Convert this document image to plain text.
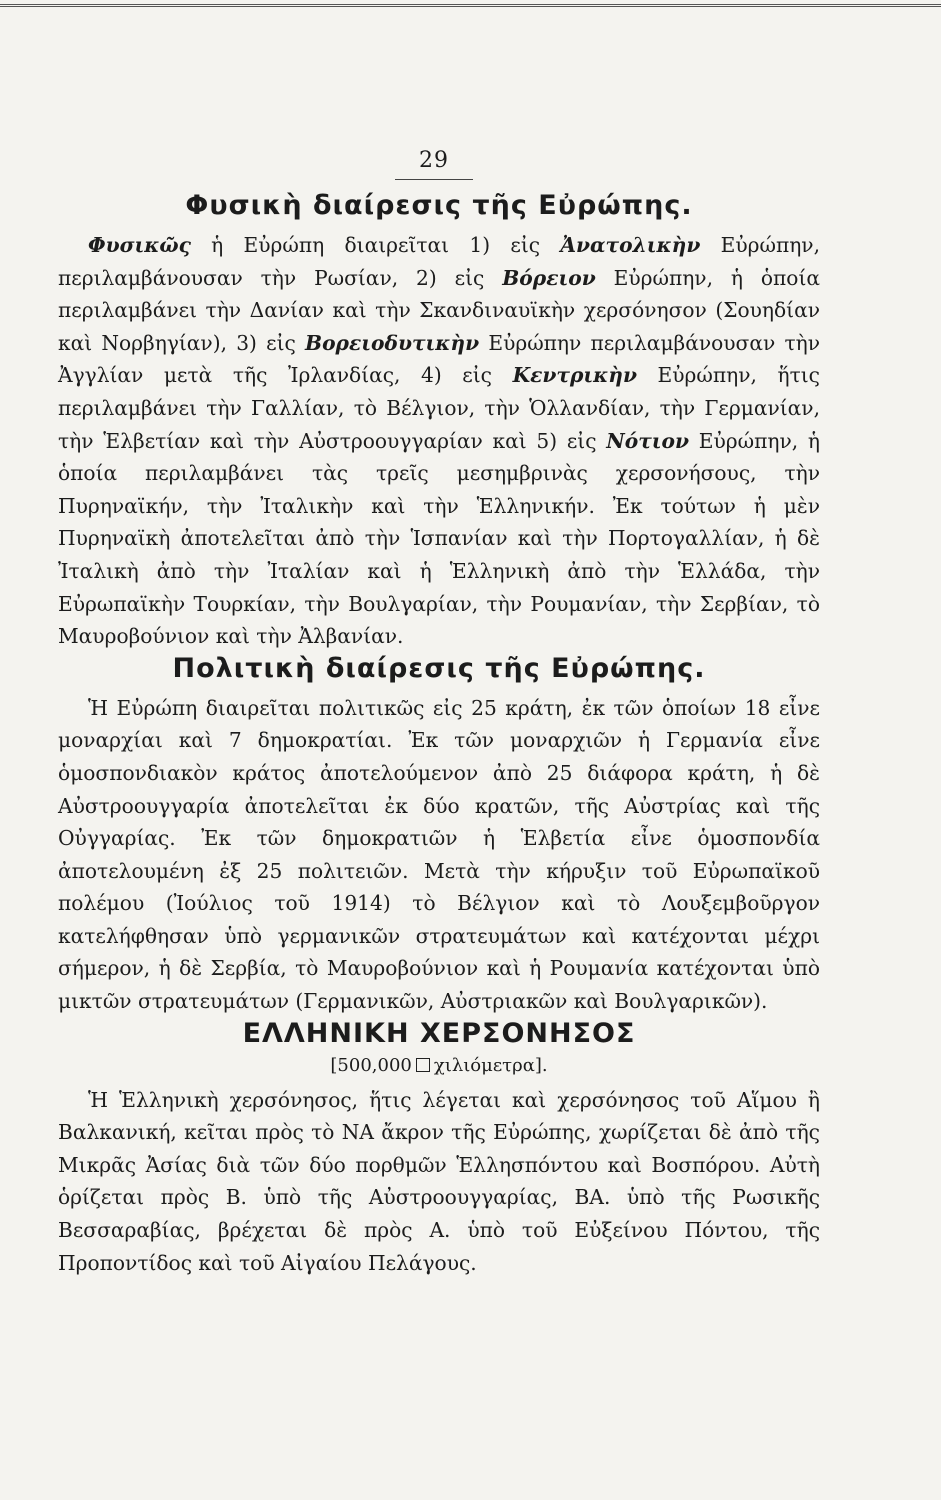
29
Φυσικὴ διαίρεσις τῆς Εὐρώπης.

Φυσικῶς ἡ Εὐρώπη διαιρεῖται 1) εἰς Ἀνατολικὴν Εὐρώπην, περιλαμβάνουσαν τὴν Ρωσίαν, 2) εἰς Βόρειον Εὐρώπην, ἡ ὁποία περιλαμβάνει τὴν Δανίαν καὶ τὴν Σκανδιναυϊκὴν χερσόνησον (Σουηδίαν καὶ Νορβηγίαν), 3) εἰς Βορειοδυτικὴν Εὐρώπην περιλαμβάνουσαν τὴν Ἀγγλίαν μετὰ τῆς Ἰρλανδίας, 4) εἰς Κεντρικὴν Εὐρώπην, ἥτις περιλαμβάνει τὴν Γαλλίαν, τὸ Βέλγιον, τὴν Ὁλλανδίαν, τὴν Γερμανίαν, τὴν Ἑλβετίαν καὶ τὴν Αὐστροουγγαρίαν καὶ 5) εἰς Νότιον Εὐρώπην, ἡ ὁποία περιλαμβάνει τὰς τρεῖς μεσημβρινὰς χερσονήσους, τὴν Πυρηναϊκήν, τὴν Ἰταλικὴν καὶ τὴν Ἑλληνικήν. Ἐκ τούτων ἡ μὲν Πυρηναϊκὴ ἀποτελεῖται ἀπὸ τὴν Ἱσπανίαν καὶ τὴν Πορτογαλλίαν, ἡ δὲ Ἰταλικὴ ἀπὸ τὴν Ἰταλίαν καὶ ἡ Ἑλληνικὴ ἀπὸ τὴν Ἑλλάδα, τὴν Εὐρωπαϊκὴν Τουρκίαν, τὴν Βουλγαρίαν, τὴν Ρουμανίαν, τὴν Σερβίαν, τὸ Μαυροβούνιον καὶ τὴν Ἀλβανίαν.

Πολιτικὴ διαίρεσις τῆς Εὐρώπης.

Ἡ Εὐρώπη διαιρεῖται πολιτικῶς εἰς 25 κράτη, ἐκ τῶν ὁποίων 18 εἶνε μοναρχίαι καὶ 7 δημοκρατίαι. Ἐκ τῶν μοναρχιῶν ἡ Γερμανία εἶνε ὁμοσπονδιακὸν κράτος ἀποτελούμενον ἀπὸ 25 διάφορα κράτη, ἡ δὲ Αὐστροουγγαρία ἀποτελεῖται ἐκ δύο κρατῶν, τῆς Αὐστρίας καὶ τῆς Οὐγγαρίας. Ἐκ τῶν δημοκρατιῶν ἡ Ἑλβετία εἶνε ὁμοσπονδία ἀποτελουμένη ἐξ 25 πολιτειῶν. Μετὰ τὴν κήρυξιν τοῦ Εὐρωπαϊκοῦ πολέμου (Ἰούλιος τοῦ 1914) τὸ Βέλγιον καὶ τὸ Λουξεμβοῦργον κατελήφθησαν ὑπὸ γερμανικῶν στρατευμάτων καὶ κατέχονται μέχρι σήμερον, ἡ δὲ Σερβία, τὸ Μαυροβούνιον καὶ ἡ Ρουμανία κατέχονται ὑπὸ μικτῶν στρατευμάτων (Γερμανικῶν, Αὐστριακῶν καὶ Βουλγαρικῶν).

ΕΛΛΗΝΙΚΗ ΧΕΡΣΟΝΗΣΟΣ
[500,000 χιλιόμετρα].

Ἡ Ἑλληνικὴ χερσόνησος, ἥτις λέγεται καὶ χερσόνησος τοῦ Αἵμου ἢ Βαλκανική, κεῖται πρὸς τὸ ΝΑ ἄκρον τῆς Εὐρώπης, χωρίζεται δὲ ἀπὸ τῆς Μικρᾶς Ἀσίας διὰ τῶν δύο πορθμῶν Ἑλλησπόντου καὶ Βοσπόρου. Αὐτὴ ὁρίζεται πρὸς Β. ὑπὸ τῆς Αὐστροουγγαρίας, ΒΑ. ὑπὸ τῆς Ρωσικῆς Βεσσαραβίας, βρέχεται δὲ πρὸς Α. ὑπὸ τοῦ Εὐξείνου Πόντου, τῆς Προποντίδος καὶ τοῦ Αἰγαίου Πελάγους.
